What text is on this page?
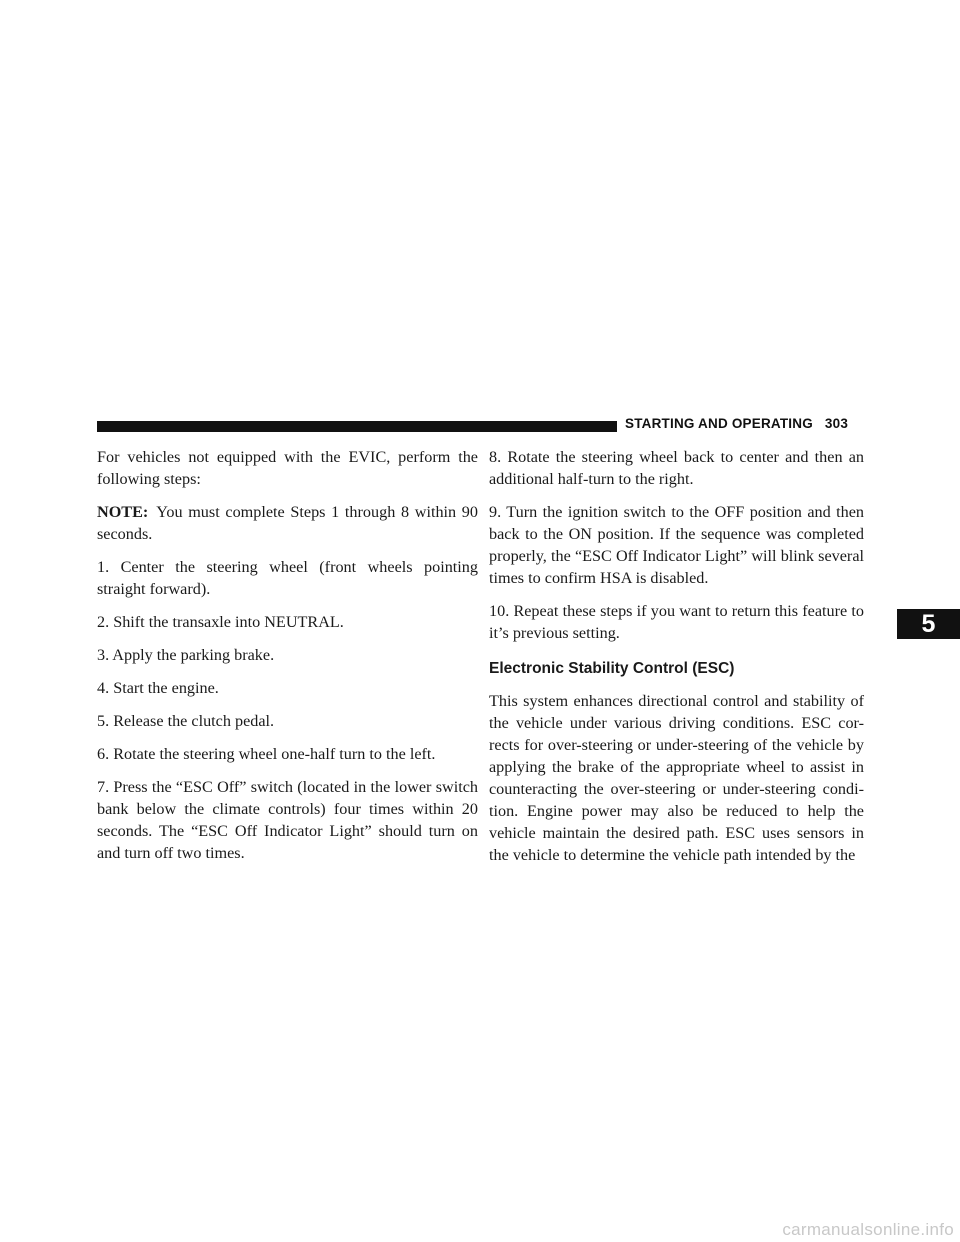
STARTING AND OPERATING 303

For vehicles not equipped with the EVIC, perform the following steps:

NOTE: You must complete Steps 1 through 8 within 90 seconds.

1. Center the steering wheel (front wheels pointing straight forward).

2. Shift the transaxle into NEUTRAL.

3. Apply the parking brake.

4. Start the engine.

5. Release the clutch pedal.

6. Rotate the steering wheel one-half turn to the left.

7. Press the “ESC Off” switch (located in the lower switch bank below the climate controls) four times within 20 seconds. The “ESC Off Indicator Light” should turn on and turn off two times.

8. Rotate the steering wheel back to center and then an additional half-turn to the right.

9. Turn the ignition switch to the OFF position and then back to the ON position. If the sequence was completed properly, the “ESC Off Indicator Light” will blink several times to confirm HSA is disabled.

10. Repeat these steps if you want to return this feature to it’s previous setting.

Electronic Stability Control (ESC)

This system enhances directional control and stability of the vehicle under various driving conditions. ESC cor-rects for over-steering or under-steering of the vehicle by applying the brake of the appropriate wheel to assist in counteracting the over-steering or under-steering condi-tion. Engine power may also be reduced to help the vehicle maintain the desired path. ESC uses sensors in the vehicle to determine the vehicle path intended by the

5
carmanualsonline.info
